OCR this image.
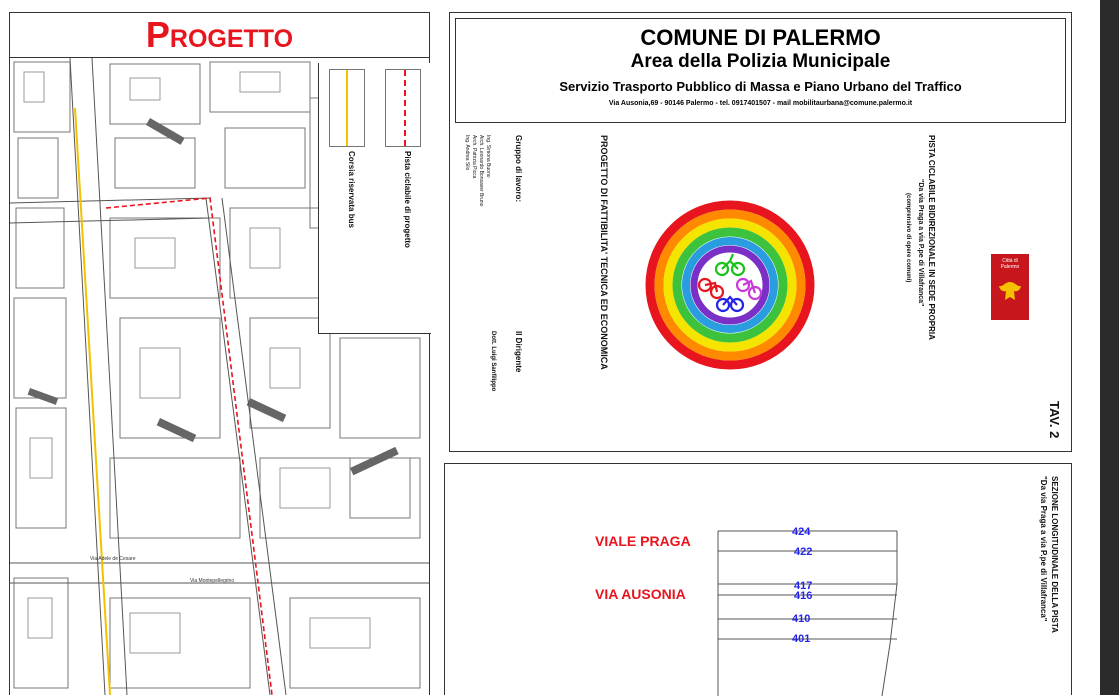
Progetto
Via Adele de Cesare
Via Montepellegrino
Corsia riservata bus	Pista ciclabile di progetto
COMUNE DI PALERMO
Area della Polizia Municipale
Servizio Trasporto Pubblico di Massa e Piano Urbano del Traffico
Via Ausonia,69 - 90146 Palermo - tel. 0917401507 - mail mobilitaurbana@comune.palermo.it
Gruppo di lavoro:
Ing. Simona Buono
Arch. Leonardo Bonsaver Bruno
Arch. Patrizia Picca
Ing. Andrea Silo
Il Dirigente
Dott. Luigi Sanfilippo	PROGETTO DI FATTIBILITA' TECNICA ED ECONOMICA	PISTA CICLABILE BIDIREZIONALE IN SEDE PROPRIA
"Da via Praga a via P.pe di Villafranca"
(comprensivo di opere comuni)
TAV. 2
Città di Palermo
SEZIONE LONGITUDINALE DELLA PISTA
"Da via Praga a via P.pe di Villafranca"
VIALE PRAGA
VIA AUSONIA
424
422
417
416
410
401
